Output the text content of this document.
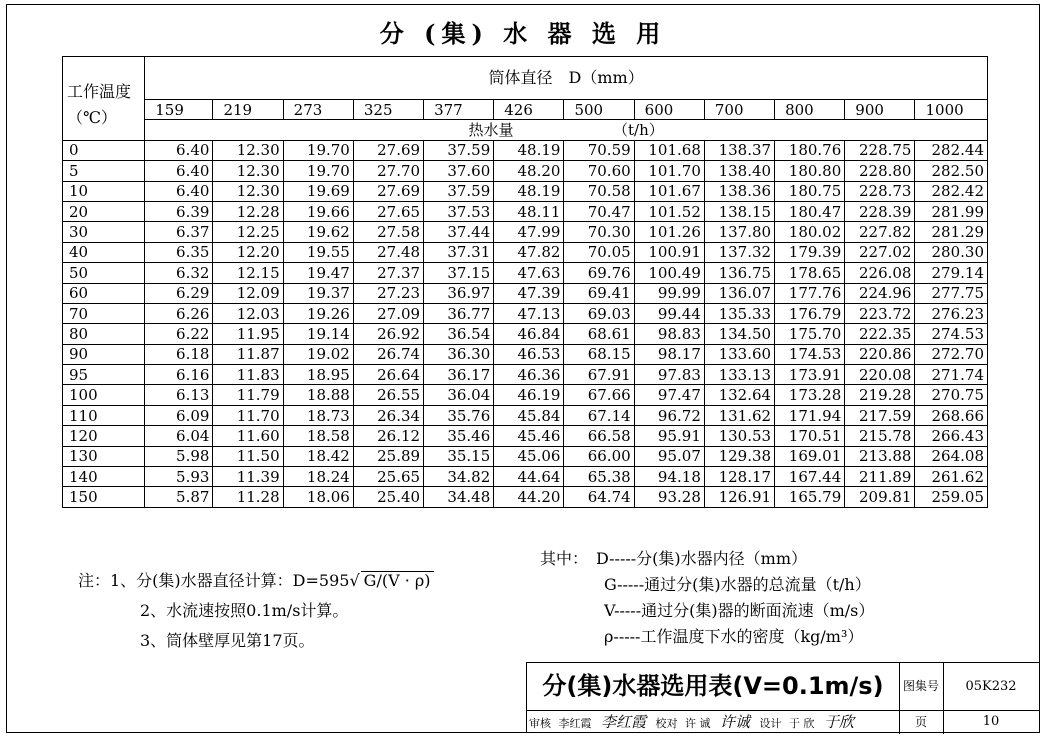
分 (集) 水 器 选 用
工作温度
（℃）	筒体直径　D（mm）											
	159	219	273	325	377	426	500	600	700	800	900	1000
	热水量 （t/h）											
0	6.40	12.30	19.70	27.69	37.59	48.19	70.59	101.68	138.37	180.76	228.75	282.44
5	6.40	12.30	19.70	27.70	37.60	48.20	70.60	101.70	138.40	180.80	228.80	282.50
10	6.40	12.30	19.69	27.69	37.59	48.19	70.58	101.67	138.36	180.75	228.73	282.42
20	6.39	12.28	19.66	27.65	37.53	48.11	70.47	101.52	138.15	180.47	228.39	281.99
30	6.37	12.25	19.62	27.58	37.44	47.99	70.30	101.26	137.80	180.02	227.82	281.29
40	6.35	12.20	19.55	27.48	37.31	47.82	70.05	100.91	137.32	179.39	227.02	280.30
50	6.32	12.15	19.47	27.37	37.15	47.63	69.76	100.49	136.75	178.65	226.08	279.14
60	6.29	12.09	19.37	27.23	36.97	47.39	69.41	99.99	136.07	177.76	224.96	277.75
70	6.26	12.03	19.26	27.09	36.77	47.13	69.03	99.44	135.33	176.79	223.72	276.23
80	6.22	11.95	19.14	26.92	36.54	46.84	68.61	98.83	134.50	175.70	222.35	274.53
90	6.18	11.87	19.02	26.74	36.30	46.53	68.15	98.17	133.60	174.53	220.86	272.70
95	6.16	11.83	18.95	26.64	36.17	46.36	67.91	97.83	133.13	173.91	220.08	271.74
100	6.13	11.79	18.88	26.55	36.04	46.19	67.66	97.47	132.64	173.28	219.28	270.75
110	6.09	11.70	18.73	26.34	35.76	45.84	67.14	96.72	131.62	171.94	217.59	268.66
120	6.04	11.60	18.58	26.12	35.46	45.46	66.58	95.91	130.53	170.51	215.78	266.43
130	5.98	11.50	18.42	25.89	35.15	45.06	66.00	95.07	129.38	169.01	213.88	264.08
140	5.93	11.39	18.24	25.65	34.82	44.64	65.38	94.18	128.17	167.44	211.89	261.62
150	5.87	11.28	18.06	25.40	34.48	44.20	64.74	93.28	126.91	165.79	209.81	259.05
注：1、分(集)水器直径计算：D=595√ G/(V · ρ)
2、水流速按照0.1m/s计算。
3、筒体壁厚见第17页。
其中：　D-----分(集)水器内径（mm）
G-----通过分(集)水器的总流量（t/h）
V-----通过分(集)器的断面流速（m/s）
ρ-----工作温度下水的密度（kg/m³）
分(集)水器选用表(V=0.1m/s)	图集号	05K232
审核 李红霞 李红霞 校对 许 诚 许诚 设计 于 欣 于欣	页	10
